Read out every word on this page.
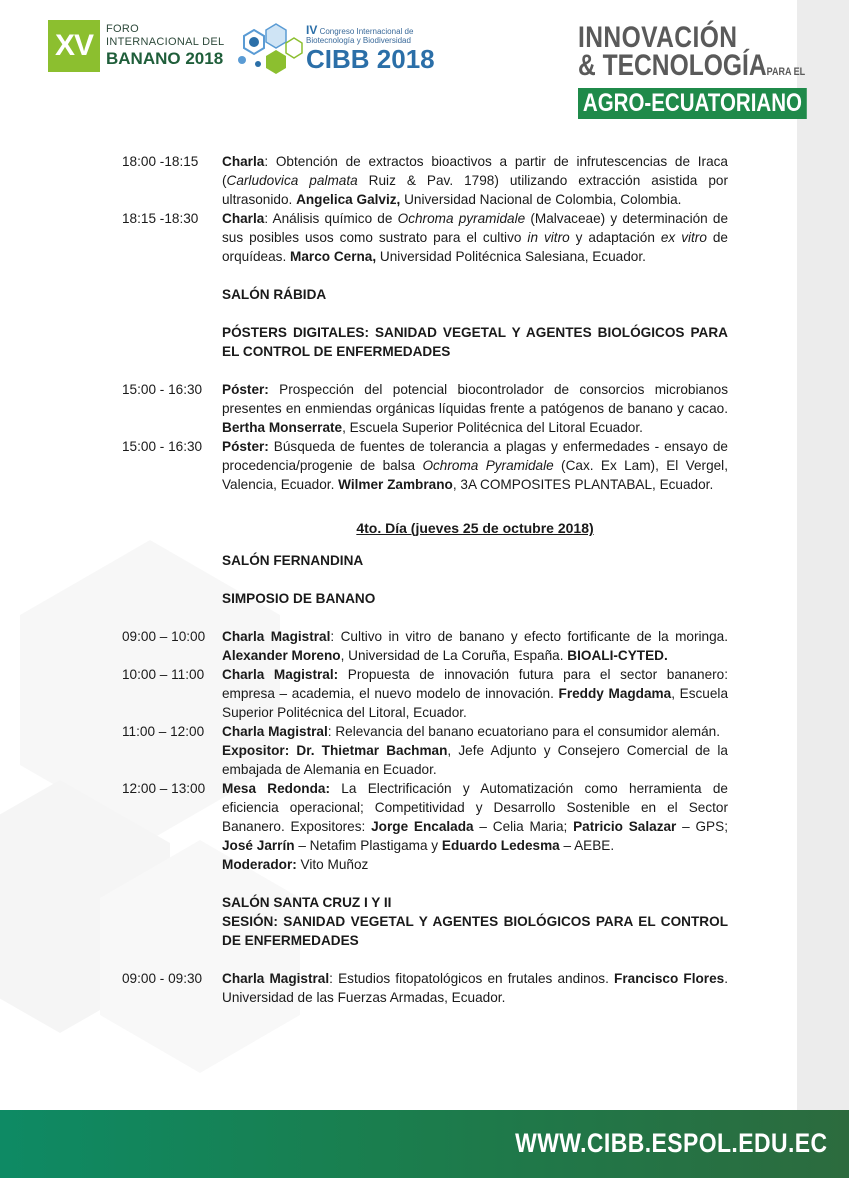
XV	FORO
INTERNACIONAL DEL
BANANO 2018
IV Congreso Internacional de Biotecnología y Biodiversidad
CIBB 2018
INNOVACIÓN
& TECNOLOGÍAPARA EL
AGRO-ECUATORIANO
18:00 -18:15	Charla: Obtención de extractos bioactivos a partir de infrutescencias de Iraca (Carludovica palmata Ruiz & Pav. 1798) utilizando extracción asistida por ultrasonido. Angelica Galviz, Universidad Nacional de Colombia, Colombia.
18:15 -18:30	Charla: Análisis químico de Ochroma pyramidale (Malvaceae) y determinación de sus posibles usos como sustrato para el cultivo in vitro y adaptación ex vitro de orquídeas. Marco Cerna, Universidad Politécnica Salesiana, Ecuador.
SALÓN RÁBIDA
PÓSTERS DIGITALES: SANIDAD VEGETAL Y AGENTES BIOLÓGICOS PARA EL CONTROL DE ENFERMEDADES
15:00 - 16:30	Póster: Prospección del potencial biocontrolador de consorcios microbianos presentes en enmiendas orgánicas líquidas frente a patógenos de banano y cacao. Bertha Monserrate, Escuela Superior Politécnica del Litoral Ecuador.
15:00 - 16:30	Póster: Búsqueda de fuentes de tolerancia a plagas y enfermedades - ensayo de procedencia/progenie de balsa Ochroma Pyramidale (Cax. Ex Lam), El Vergel, Valencia, Ecuador. Wilmer Zambrano, 3A COMPOSITES PLANTABAL, Ecuador.
4to. Día (jueves 25 de octubre 2018)
SALÓN FERNANDINA
SIMPOSIO DE BANANO
09:00 – 10:00	Charla Magistral: Cultivo in vitro de banano y efecto fortificante de la moringa. Alexander Moreno, Universidad de La Coruña, España. BIOALI-CYTED.
10:00 – 11:00	Charla Magistral: Propuesta de innovación futura para el sector bananero: empresa – academia, el nuevo modelo de innovación. Freddy Magdama, Escuela Superior Politécnica del Litoral, Ecuador.
11:00 – 12:00	Charla Magistral: Relevancia del banano ecuatoriano para el consumidor alemán.
Expositor: Dr. Thietmar Bachman, Jefe Adjunto y Consejero Comercial de la embajada de Alemania en Ecuador.
12:00 – 13:00	Mesa Redonda: La Electrificación y Automatización como herramienta de eficiencia operacional; Competitividad y Desarrollo Sostenible en el Sector Bananero. Expositores: Jorge Encalada – Celia Maria; Patricio Salazar – GPS; José Jarrín – Netafim Plastigama y Eduardo Ledesma – AEBE.
Moderador: Vito Muñoz
SALÓN SANTA CRUZ I Y II
SESIÓN: SANIDAD VEGETAL Y AGENTES BIOLÓGICOS PARA EL CONTROL DE ENFERMEDADES
09:00 - 09:30	Charla Magistral: Estudios fitopatológicos en frutales andinos. Francisco Flores. Universidad de las Fuerzas Armadas, Ecuador.
WWW.CIBB.ESPOL.EDU.EC
